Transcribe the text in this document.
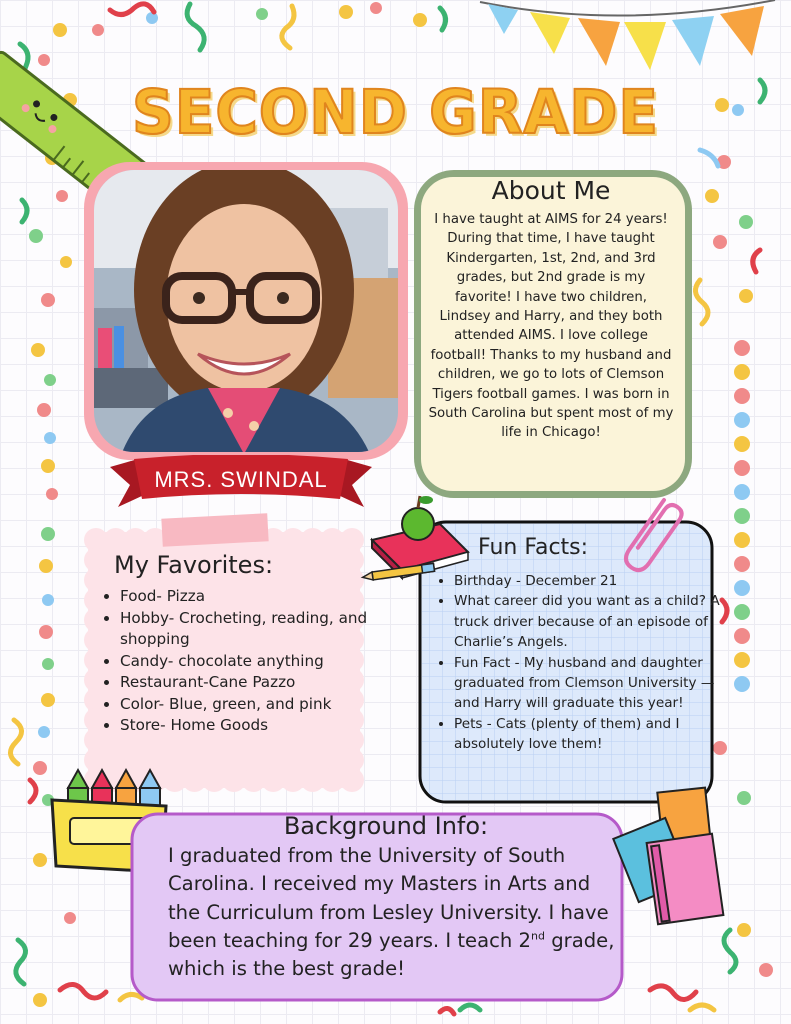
SECOND GRADE
MRS. SWINDAL
About Me
I have taught at AIMS for 24 years! During that time, I have taught Kindergarten, 1st, 2nd, and 3rd grades, but 2nd grade is my favorite! I have two children, Lindsey and Harry, and they both attended AIMS. I love college football! Thanks to my husband and children, we go to lots of Clemson Tigers football games. I was born in South Carolina but spent most of my life in Chicago!
My Favorites:
• Food- Pizza
• Hobby- Crocheting, reading, and shopping
• Candy- chocolate anything
• Restaurant-Cane Pazzo
• Color- Blue, green, and pink
• Store- Home Goods
Fun Facts:
• Birthday - December 21
• What career did you want as a child? A truck driver because of an episode of Charlie’s Angels.
• Fun Fact - My husband and daughter graduated from Clemson University — and Harry will graduate this year!
• Pets - Cats (plenty of them) and I absolutely love them!
Background Info:
I graduated from the University of South Carolina. I received my Masters in Arts and the Curriculum from Lesley University. I have been teaching for 29 years. I teach 2nd grade, which is the best grade!
